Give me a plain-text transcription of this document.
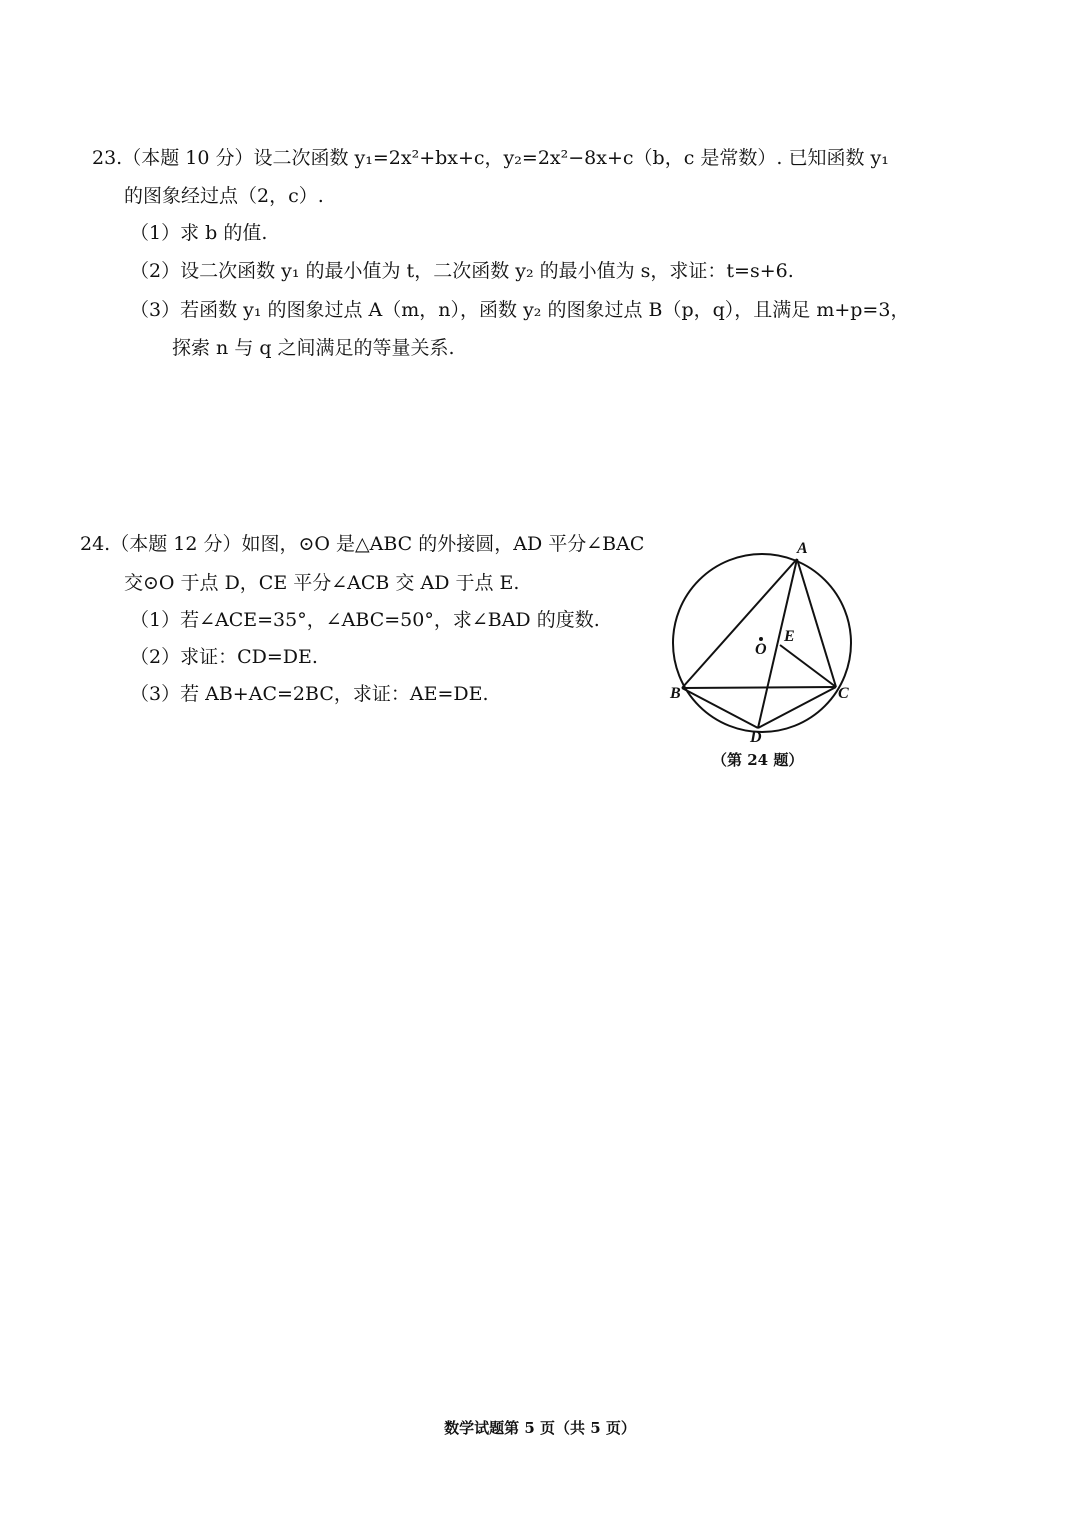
23.（本题 10 分）设二次函数 y₁=2x²+bx+c，y₂=2x²−8x+c（b，c 是常数）. 已知函数 y₁
的图象经过点（2，c）.
（1）求 b 的值.
（2）设二次函数 y₁ 的最小值为 t，二次函数 y₂ 的最小值为 s，求证：t=s+6.
（3）若函数 y₁ 的图象过点 A（m，n），函数 y₂ 的图象过点 B（p，q），且满足 m+p=3，
探索 n 与 q 之间满足的等量关系.
24.（本题 12 分）如图，⊙O 是△ABC 的外接圆，AD 平分∠BAC
交⊙O 于点 D，CE 平分∠ACB 交 AD 于点 E.
（1）若∠ACE=35°，∠ABC=50°，求∠BAD 的度数.
（2）求证：CD=DE.
（3）若 AB+AC=2BC，求证：AE=DE.
A
B	C
D
E
O
（第 24 题）
数学试题第 5 页（共 5 页）
